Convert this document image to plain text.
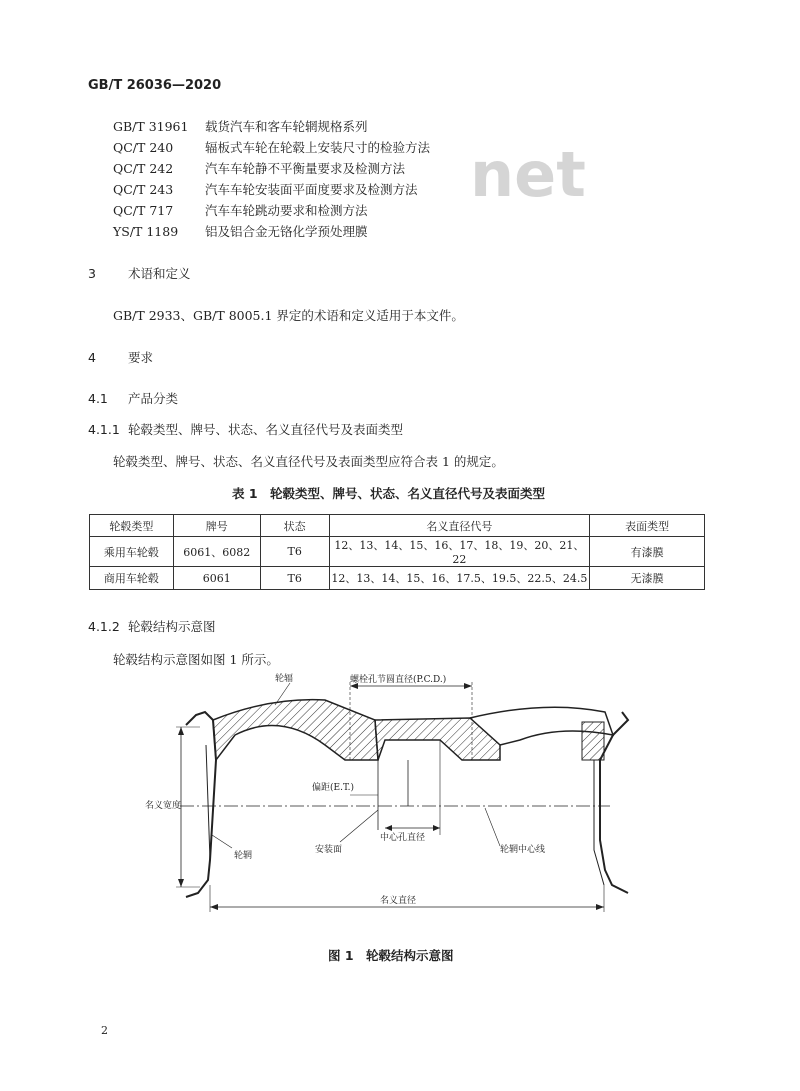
GB/T 26036—2020
net
GB/T 31961 载货汽车和客车轮辋规格系列
QC/T 240	辐板式车轮在轮毂上安装尺寸的检验方法
QC/T 242	汽车车轮静不平衡量要求及检测方法
QC/T 243	汽车车轮安装面平面度要求及检测方法
QC/T 717	汽车车轮跳动要求和检测方法
YS/T 1189 铝及铝合金无铬化学预处理膜
3	术语和定义
GB/T 2933、GB/T 8005.1 界定的术语和定义适用于本文件。
4	要求
4.1 产品分类
4.1.1 轮毂类型、牌号、状态、名义直径代号及表面类型
轮毂类型、牌号、状态、名义直径代号及表面类型应符合表 1 的规定。
表 1　轮毂类型、牌号、状态、名义直径代号及表面类型
轮毂类型	牌号	状态	名义直径代号	表面类型
乘用车轮毂	6061、6082	T6	12、13、14、15、16、17、18、19、20、21、22	有漆膜
商用车轮毂	6061	T6	12、13、14、15、16、17.5、19.5、22.5、24.5	无漆膜
4.1.2 轮毂结构示意图
轮毂结构示意图如图 1 所示。
名义宽度
螺栓孔节圆直径(P.C.D.)
偏距(E.T.)
中心孔直径
安装面
轮辐
轮辋
轮辋中心线
名义直径
图 1　轮毂结构示意图
2
